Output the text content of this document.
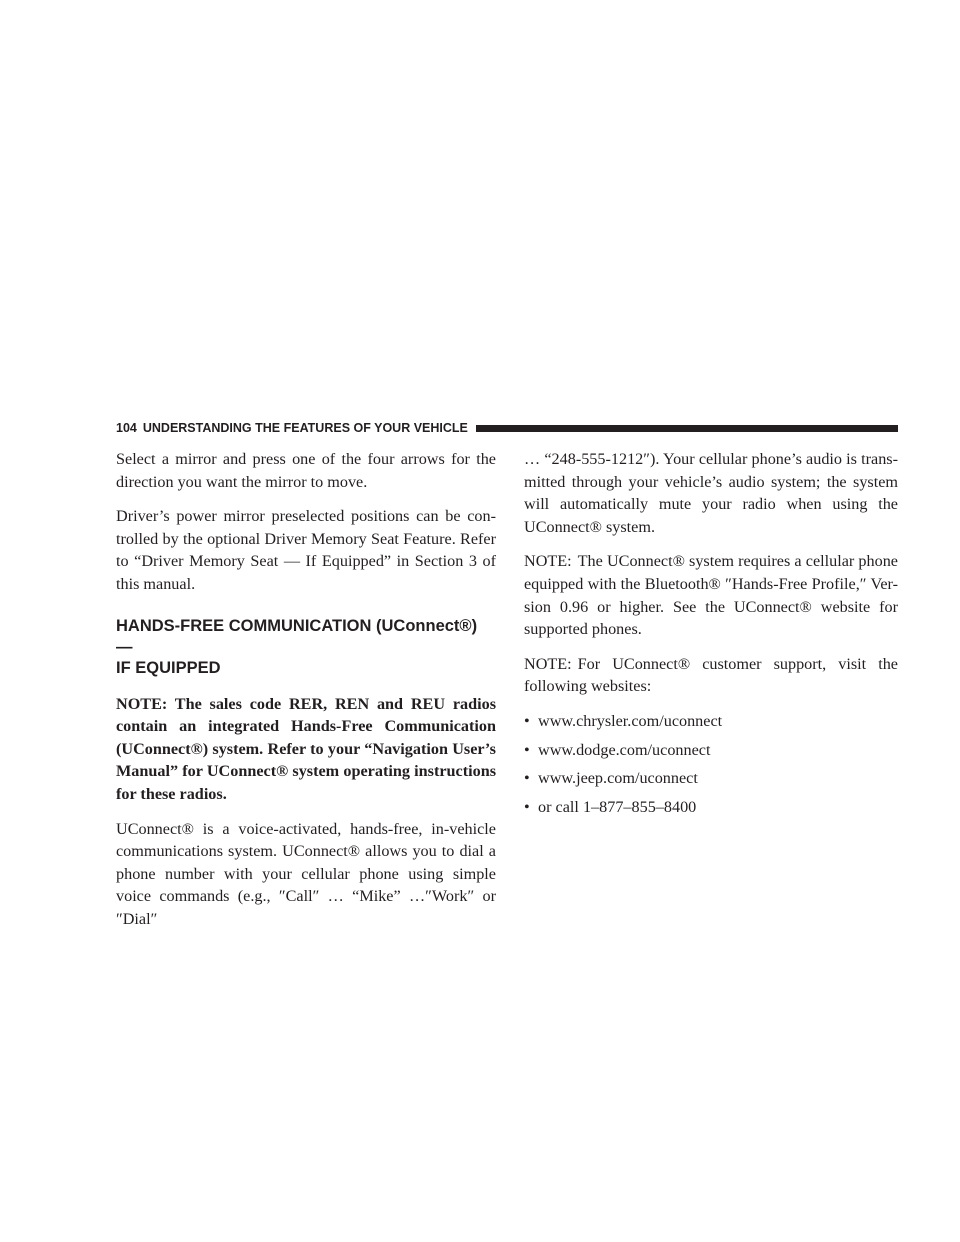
104 UNDERSTANDING THE FEATURES OF YOUR VEHICLE

Select a mirror and press one of the four arrows for the direction you want the mirror to move.

Driver’s power mirror preselected positions can be con-trolled by the optional Driver Memory Seat Feature. Refer to “Driver Memory Seat — If Equipped” in Section 3 of this manual.

HANDS-FREE COMMUNICATION (UConnect®) —
IF EQUIPPED

NOTE: The sales code RER, REN and REU radios contain an integrated Hands-Free Communication (UConnect®) system. Refer to your “Navigation User’s Manual” for UConnect® system operating instructions for these radios.

UConnect® is a voice-activated, hands-free, in-vehicle communications system. UConnect® allows you to dial a phone number with your cellular phone using simple voice commands (e.g., ″Call″ … “Mike” …″Work″ or ″Dial″

… “248-555-1212″). Your cellular phone’s audio is trans-mitted through your vehicle’s audio system; the system will automatically mute your radio when using the UConnect® system.

NOTE: The UConnect® system requires a cellular phone equipped with the Bluetooth® ″Hands-Free Profile,″ Ver-sion 0.96 or higher. See the UConnect® website for supported phones.

NOTE: For UConnect® customer support, visit the following websites:

• www.chrysler.com/uconnect
• www.dodge.com/uconnect
• www.jeep.com/uconnect
• or call 1–877–855–8400
